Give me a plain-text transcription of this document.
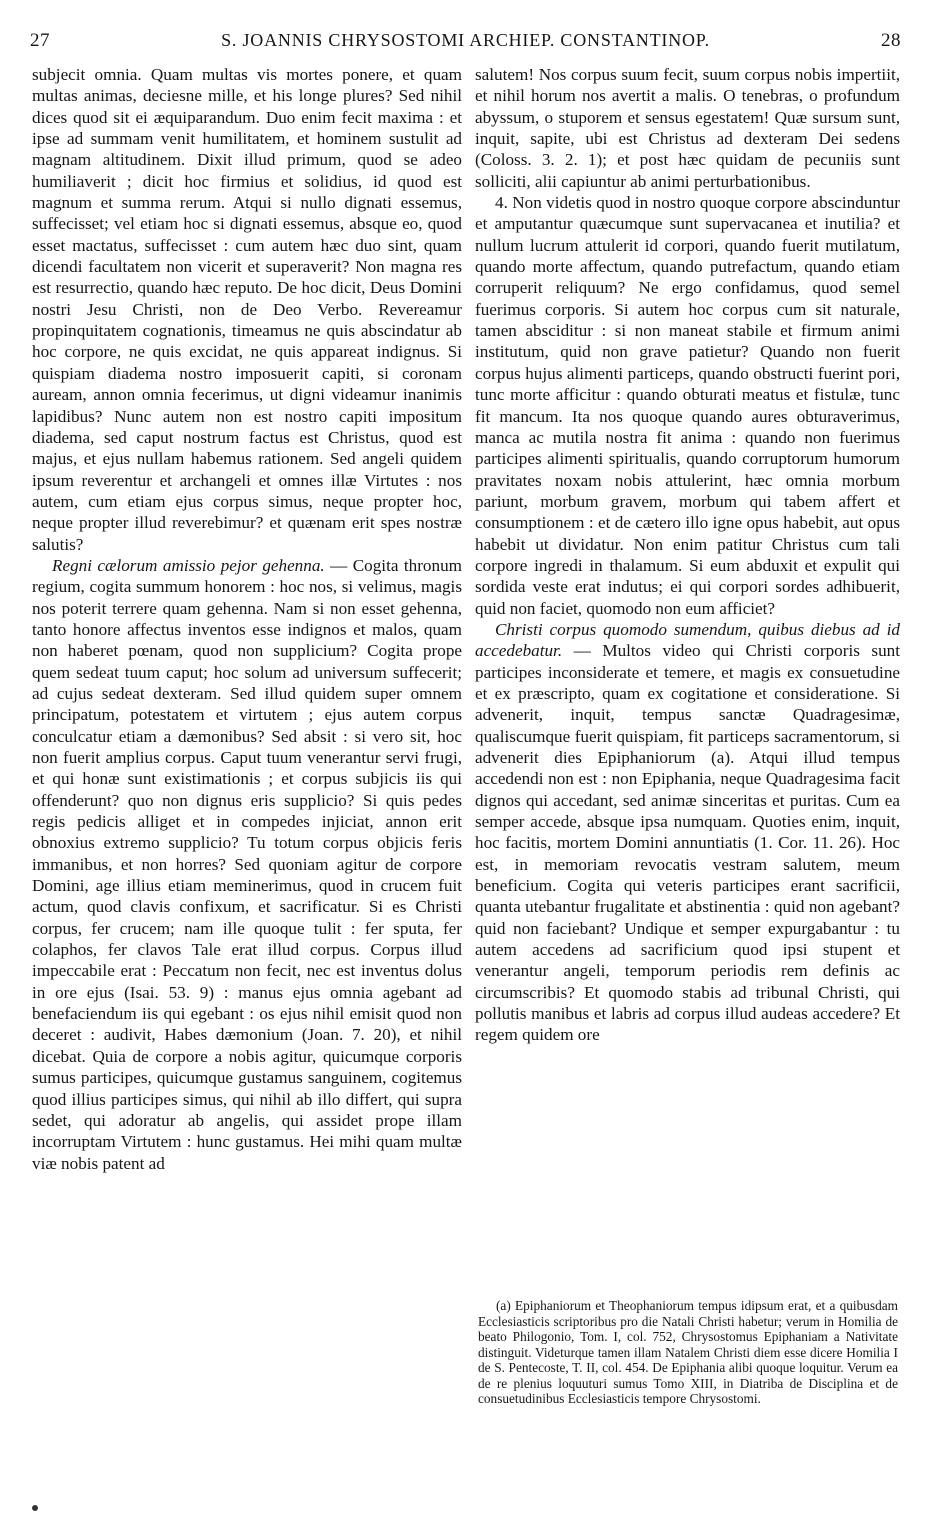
27	S. JOANNIS CHRYSOSTOMI ARCHIEP. CONSTANTINOP.	28

subjecit omnia. Quam multas vis mortes ponere, et quam multas animas, deciesne mille, et his longe plures? Sed nihil dices quod sit ei æquiparandum. Duo enim fecit maxima : et ipse ad summam venit humilitatem, et hominem sustulit ad magnam altitudinem. Dixit illud primum, quod se adeo humiliaverit ; dicit hoc firmius et solidius, id quod est magnum et summa rerum. Atqui si nullo dignati essemus, suffecisset; vel etiam hoc si dignati essemus, absque eo, quod esset mactatus, suffecisset : cum autem hæc duo sint, quam dicendi facultatem non vicerit et superaverit? Non magna res est resurrectio, quando hæc reputo. De hoc dicit, Deus Domini nostri Jesu Christi, non de Deo Verbo. Revereamur propinquitatem cognationis, timeamus ne quis abscindatur ab hoc corpore, ne quis excidat, ne quis appareat indignus. Si quispiam diadema nostro imposuerit capiti, si coronam auream, annon omnia fecerimus, ut digni videamur inanimis lapidibus? Nunc autem non est nostro capiti impositum diadema, sed caput nostrum factus est Christus, quod est majus, et ejus nullam habemus rationem. Sed angeli quidem ipsum reverentur et archangeli et omnes illæ Virtutes : nos autem, cum etiam ejus corpus simus, neque propter hoc, neque propter illud reverebimur? et quænam erit spes nostræ salutis?

Regni cælorum amissio pejor gehenna. — Cogita thronum regium, cogita summum honorem : hoc nos, si velimus, magis nos poterit terrere quam gehenna. Nam si non esset gehenna, tanto honore affectus inventos esse indignos et malos, quam non haberet pœnam, quod non supplicium? Cogita prope quem sedeat tuum caput; hoc solum ad universum suffecerit; ad cujus sedeat dexteram. Sed illud quidem super omnem principatum, potestatem et virtutem ; ejus autem corpus conculcatur etiam a dæmonibus? Sed absit : si vero sit, hoc non fuerit amplius corpus. Caput tuum venerantur servi frugi, et qui honæ sunt existimationis ; et corpus subjicis iis qui offenderunt? quo non dignus eris supplicio? Si quis pedes regis pedicis alliget et in compedes injiciat, annon erit obnoxius extremo supplicio? Tu totum corpus objicis feris immanibus, et non horres? Sed quoniam agitur de corpore Domini, age illius etiam meminerimus, quod in crucem fuit actum, quod clavis confixum, et sacrificatur. Si es Christi corpus, fer crucem; nam ille quoque tulit : fer sputa, fer colaphos, fer clavos Tale erat illud corpus. Corpus illud impeccabile erat : Peccatum non fecit, nec est inventus dolus in ore ejus (Isai. 53. 9) : manus ejus omnia agebant ad benefaciendum iis qui egebant : os ejus nihil emisit quod non deceret : audivit, Habes dæmonium (Joan. 7. 20), et nihil dicebat. Quia de corpore a nobis agitur, quicumque corporis sumus participes, quicumque gustamus sanguinem, cogitemus quod illius participes simus, qui nihil ab illo differt, qui supra sedet, qui adoratur ab angelis, qui assidet prope illam incorruptam Virtutem : hunc gustamus. Hei mihi quam multæ viæ nobis patent ad

salutem! Nos corpus suum fecit, suum corpus nobis impertiit, et nihil horum nos avertit a malis. O tenebras, o profundum abyssum, o stuporem et sensus egestatem! Quæ sursum sunt, inquit, sapite, ubi est Christus ad dexteram Dei sedens (Coloss. 3. 2. 1); et post hæc quidam de pecuniis sunt solliciti, alii capiuntur ab animi perturbationibus.

4. Non videtis quod in nostro quoque corpore abscinduntur et amputantur quæcumque sunt supervacanea et inutilia? et nullum lucrum attulerit id corpori, quando fuerit mutilatum, quando morte affectum, quando putrefactum, quando etiam corruperit reliquum? Ne ergo confidamus, quod semel fuerimus corporis. Si autem hoc corpus cum sit naturale, tamen absciditur : si non maneat stabile et firmum animi institutum, quid non grave patietur? Quando non fuerit corpus hujus alimenti particeps, quando obstructi fuerint pori, tunc morte afficitur : quando obturati meatus et fistulæ, tunc fit mancum. Ita nos quoque quando aures obturaverimus, manca ac mutila nostra fit anima : quando non fuerimus participes alimenti spiritualis, quando corruptorum humorum pravitates noxam nobis attulerint, hæc omnia morbum pariunt, morbum gravem, morbum qui tabem affert et consumptionem : et de cætero illo igne opus habebit, aut opus habebit ut dividatur. Non enim patitur Christus cum tali corpore ingredi in thalamum. Si eum abduxit et expulit qui sordida veste erat indutus; ei qui corpori sordes adhibuerit, quid non faciet, quomodo non eum afficiet?

Christi corpus quomodo sumendum, quibus diebus ad id accedebatur. — Multos video qui Christi corporis sunt participes inconsiderate et temere, et magis ex consuetudine et ex præscripto, quam ex cogitatione et consideratione. Si advenerit, inquit, tempus sanctæ Quadragesimæ, qualiscumque fuerit quispiam, fit particeps sacramentorum, si advenerit dies Epiphaniorum (a). Atqui illud tempus accedendi non est : non Epiphania, neque Quadragesima facit dignos qui accedant, sed animæ sinceritas et puritas. Cum ea semper accede, absque ipsa numquam. Quoties enim, inquit, hoc facitis, mortem Domini annuntiatis (1. Cor. 11. 26). Hoc est, in memoriam revocatis vestram salutem, meum beneficium. Cogita qui veteris participes erant sacrificii, quanta utebantur frugalitate et abstinentia : quid non agebant? quid non faciebant? Undique et semper expurgabantur : tu autem accedens ad sacrificium quod ipsi stupent et venerantur angeli, temporum periodis rem definis ac circumscribis? Et quomodo stabis ad tribunal Christi, qui pollutis manibus et labris ad corpus illud audeas accedere? Et regem quidem ore

(a) Epiphaniorum et Theophaniorum tempus idipsum erat, et a quibusdam Ecclesiasticis scriptoribus pro die Natali Christi habetur; verum in Homilia de beato Philogonio, Tom. I, col. 752, Chrysostomus Epiphaniam a Nativitate distinguit. Videturque tamen illam Natalem Christi diem esse dicere Homilia I de S. Pentecoste, T. II, col. 454. De Epiphania alibi quoque loquitur. Verum ea de re plenius loquuturi sumus Tomo XIII, in Diatriba de Disciplina et de consuetudinibus Ecclesiasticis tempore Chrysostomi.
